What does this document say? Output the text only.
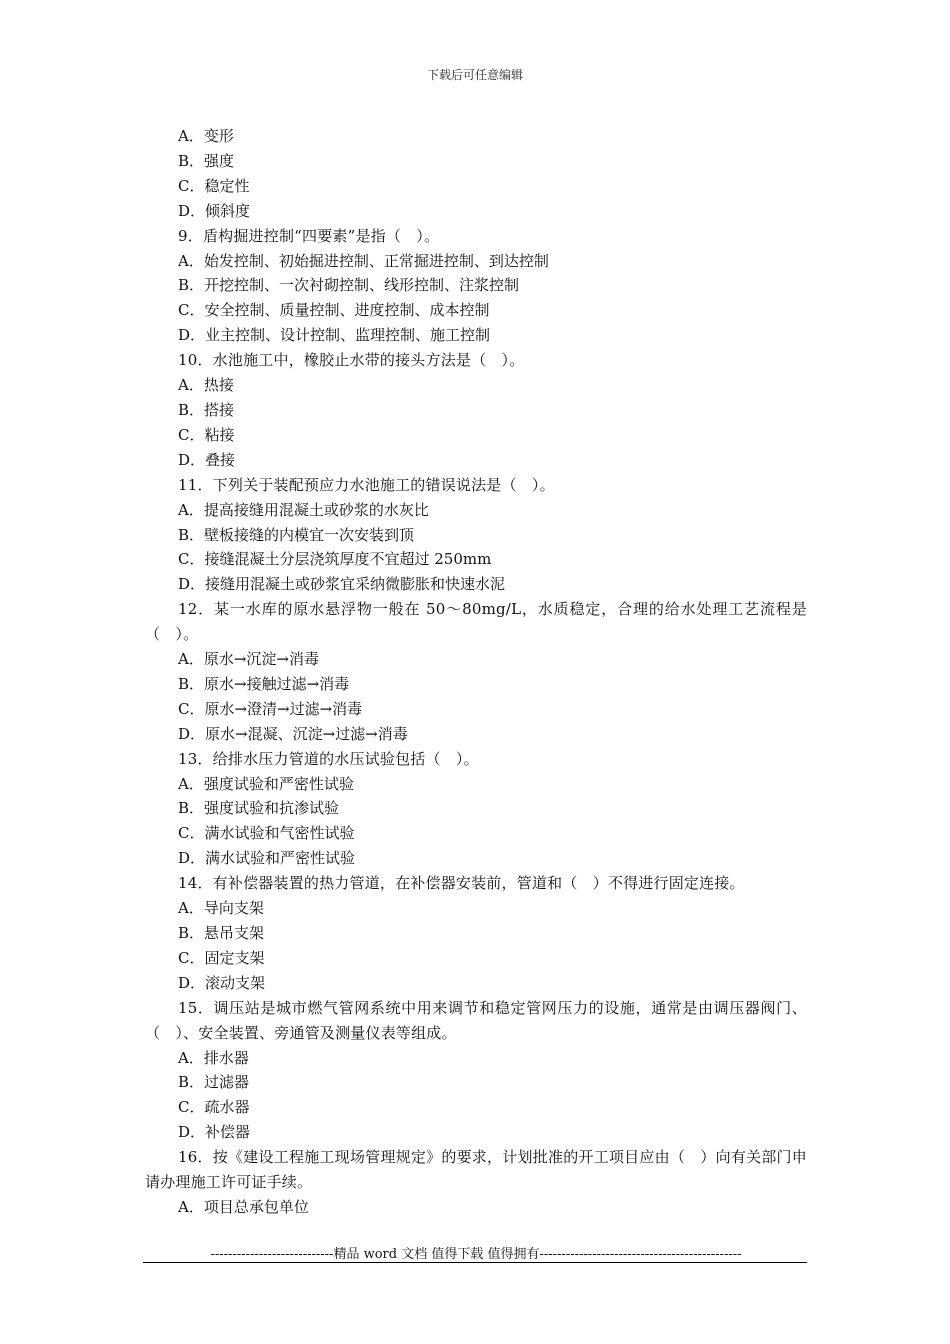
下载后可任意编辑
A．变形
B．强度
C．稳定性
D．倾斜度
9．盾构掘进控制“四要素”是指（　）。
A．始发控制、初始掘进控制、正常掘进控制、到达控制
B．开挖控制、一次衬砌控制、线形控制、注浆控制
C．安全控制、质量控制、进度控制、成本控制
D．业主控制、设计控制、监理控制、施工控制
10．水池施工中，橡胶止水带的接头方法是（　）。
A．热接
B．搭接
C．粘接
D．叠接
11．下列关于装配预应力水池施工的错误说法是（　）。
A．提高接缝用混凝土或砂浆的水灰比
B．壁板接缝的内模宜一次安装到顶
C．接缝混凝土分层浇筑厚度不宜超过 250mm
D．接缝用混凝土或砂浆宜采纳微膨胀和快速水泥
12．某一水库的原水悬浮物一般在 50～80mg/L，水质稳定，合理的给水处理工艺流程是（　）。
A．原水→沉淀→消毒
B．原水→接触过滤→消毒
C．原水→澄清→过滤→消毒
D．原水→混凝、沉淀→过滤→消毒
13．给排水压力管道的水压试验包括（　）。
A．强度试验和严密性试验
B．强度试验和抗渗试验
C．满水试验和气密性试验
D．满水试验和严密性试验
14．有补偿器装置的热力管道，在补偿器安装前，管道和（　）不得进行固定连接。
A．导向支架
B．悬吊支架
C．固定支架
D．滚动支架
15．调压站是城市燃气管网系统中用来调节和稳定管网压力的设施，通常是由调压器阀门、（　）、安全装置、旁通管及测量仪表等组成。
A．排水器
B．过滤器
C．疏水器
D．补偿器
16．按《建设工程施工现场管理规定》的要求，计划批准的开工项目应由（　）向有关部门申请办理施工许可证手续。
A．项目总承包单位
----------------------------精品 word 文档 值得下载 值得拥有----------------------------------------------
